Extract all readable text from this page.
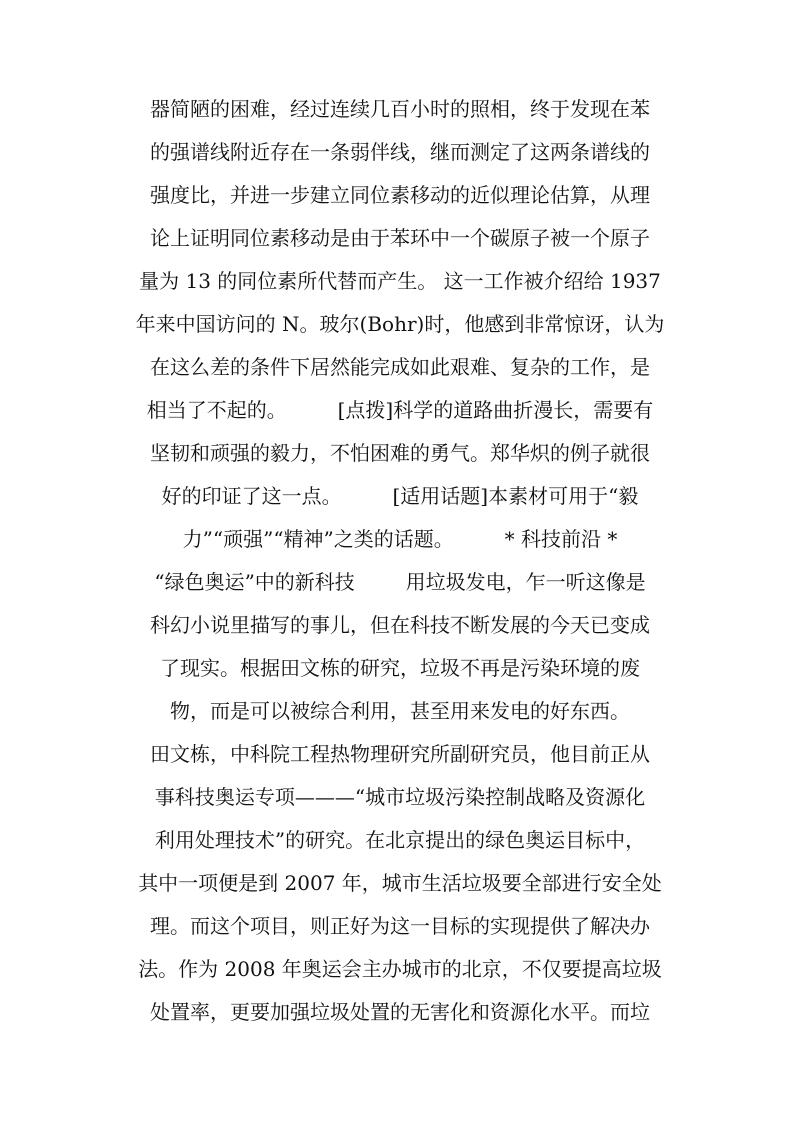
器简陋的困难，经过连续几百小时的照相，终于发现在苯
的强谱线附近存在一条弱伴线，继而测定了这两条谱线的
强度比，并进一步建立同位素移动的近似理论估算，从理
论上证明同位素移动是由于苯环中一个碳原子被一个原子
量为 13 的同位素所代替而产生。 这一工作被介绍给 1937
年来中国访问的 N。玻尔(Bohr)时，他感到非常惊讶，认为
在这么差的条件下居然能完成如此艰难、复杂的工作，是
相当了不起的。        [点拨]科学的道路曲折漫长，需要有
坚韧和顽强的毅力，不怕困难的勇气。郑华炽的例子就很
好的印证了这一点。        [适用话题]本素材可用于“毅
力”“顽强”“精神”之类的话题。        * 科技前沿 *
“绿色奥运”中的新科技        用垃圾发电，乍一听这像是
科幻小说里描写的事儿，但在科技不断发展的今天已变成
了现实。根据田文栋的研究，垃圾不再是污染环境的废
物，而是可以被综合利用，甚至用来发电的好东西。
田文栋，中科院工程热物理研究所副研究员，他目前正从
事科技奥运专项———“城市垃圾污染控制战略及资源化
利用处理技术”的研究。在北京提出的绿色奥运目标中，
其中一项便是到 2007 年，城市生活垃圾要全部进行安全处
理。而这个项目，则正好为这一目标的实现提供了解决办
法。作为 2008 年奥运会主办城市的北京，不仅要提高垃圾
处置率，更要加强垃圾处置的无害化和资源化水平。而垃
